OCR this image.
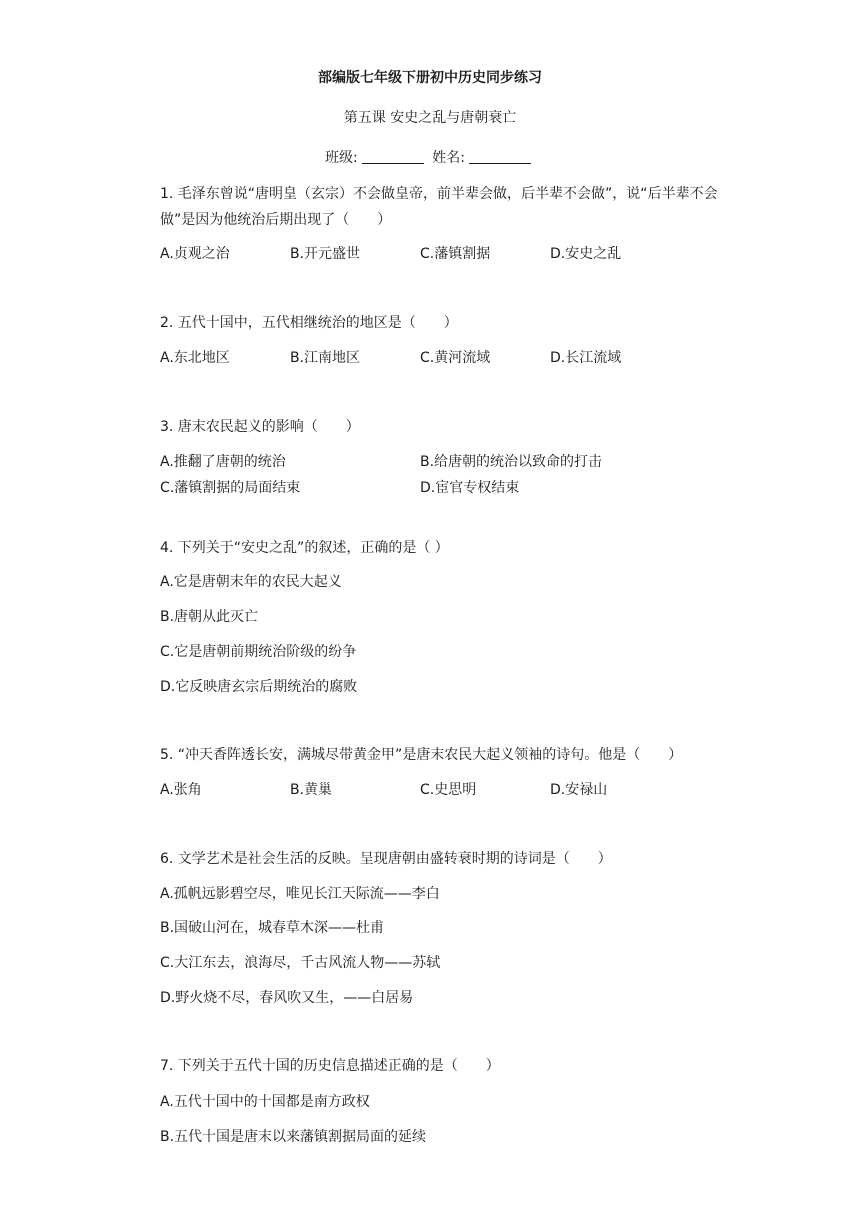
部编版七年级下册初中历史同步练习
第五课 安史之乱与唐朝衰亡
班级:	姓名:
1. 毛泽东曾说“唐明皇（玄宗）不会做皇帝，前半辈会做，后半辈不会做”，说“后半辈不会做”是因为他统治后期出现了（　　）
A.贞观之治	B.开元盛世	C.藩镇割据	D.安史之乱
2. 五代十国中，五代相继统治的地区是（　　）
A.东北地区	B.江南地区	C.黄河流域	D.长江流域
3. 唐末农民起义的影响（　　）
A.推翻了唐朝的统治	B.给唐朝的统治以致命的打击
C.藩镇割据的局面结束	D.宦官专权结束
4. 下列关于“安史之乱”的叙述，正确的是（ ）
A.它是唐朝末年的农民大起义
B.唐朝从此灭亡
C.它是唐朝前期统治阶级的纷争
D.它反映唐玄宗后期统治的腐败
5. “冲天香阵透长安，满城尽带黄金甲”是唐末农民大起义领袖的诗句。他是（　　）
A.张角	B.黄巢	C.史思明	D.安禄山
6. 文学艺术是社会生活的反映。呈现唐朝由盛转衰时期的诗词是（　　）
A.孤帆远影碧空尽，唯见长江天际流——李白
B.国破山河在，城春草木深——杜甫
C.大江东去，浪海尽，千古风流人物——苏轼
D.野火烧不尽，春风吹又生，——白居易
7. 下列关于五代十国的历史信息描述正确的是（　　）
A.五代十国中的十国都是南方政权
B.五代十国是唐末以来藩镇割据局面的延续
